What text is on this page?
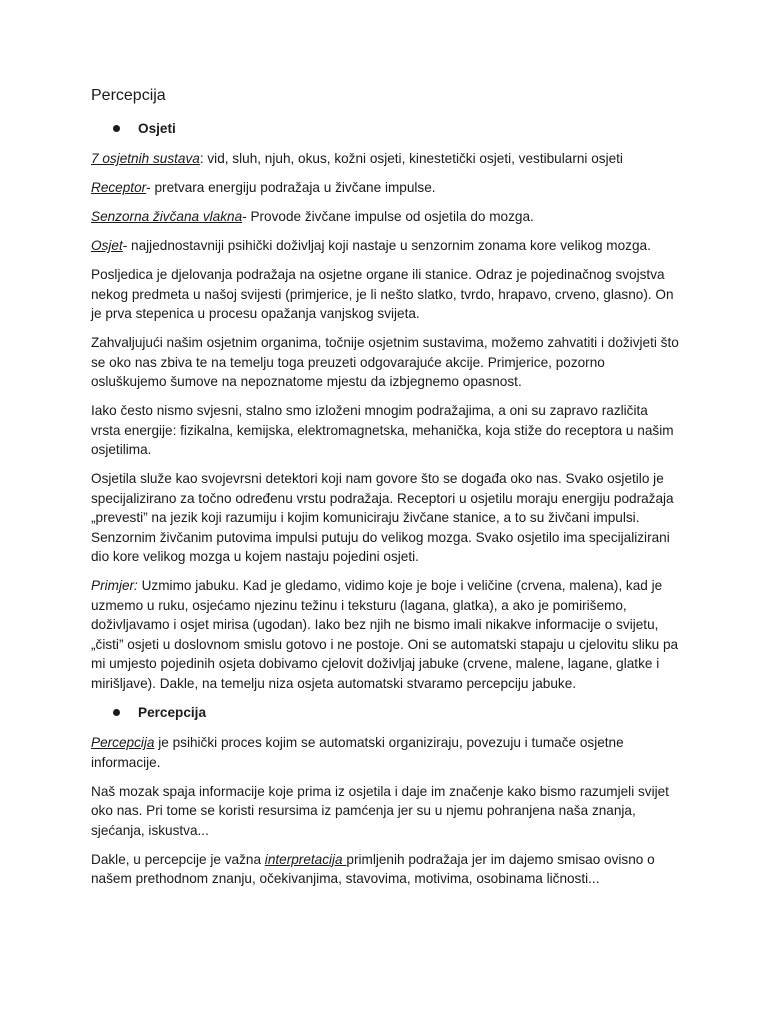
Percepcija
Osjeti

7 osjetnih sustava: vid, sluh, njuh, okus, kožni osjeti, kinestetički osjeti, vestibularni osjeti

Receptor- pretvara energiju podražaja u živčane impulse.

Senzorna živčana vlakna- Provode živčane impulse od osjetila do mozga.

Osjet- najjednostavniji psihički doživljaj koji nastaje u senzornim zonama kore velikog mozga.

Posljedica je djelovanja podražaja na osjetne organe ili stanice. Odraz je pojedinačnog svojstva nekog predmeta u našoj svijesti (primjerice, je li nešto slatko, tvrdo, hrapavo, crveno, glasno). On je prva stepenica u procesu opažanja vanjskog svijeta.

Zahvaljujući našim osjetnim organima, točnije osjetnim sustavima, možemo zahvatiti i doživjeti što se oko nas zbiva te na temelju toga preuzeti odgovarajuće akcije. Primjerice, pozorno osluškujemo šumove na nepoznatome mjestu da izbjegnemo opasnost.

Iako često nismo svjesni, stalno smo izloženi mnogim podražajima, a oni su zapravo različita vrsta energije: fizikalna, kemijska, elektromagnetska, mehanička, koja stiže do receptora u našim osjetilima.

Osjetila služe kao svojevrsni detektori koji nam govore što se događa oko nas. Svako osjetilo je specijalizirano za točno određenu vrstu podražaja. Receptori u osjetilu moraju energiju podražaja „prevesti” na jezik koji razumiju i kojim komuniciraju živčane stanice, a to su živčani impulsi. Senzornim živčanim putovima impulsi putuju do velikog mozga. Svako osjetilo ima specijalizirani dio kore velikog mozga u kojem nastaju pojedini osjeti.

Primjer: Uzmimo jabuku. Kad je gledamo, vidimo koje je boje i veličine (crvena, malena), kad je uzmemo u ruku, osjećamo njezinu težinu i teksturu (lagana, glatka), a ako je pomirišemo, doživljavamo i osjet mirisa (ugodan). Iako bez njih ne bismo imali nikakve informacije o svijetu, „čisti” osjeti u doslovnom smislu gotovo i ne postoje. Oni se automatski stapaju u cjelovitu sliku pa mi umjesto pojedinih osjeta dobivamo cjelovit doživljaj jabuke (crvene, malene, lagane, glatke i mirišljave). Dakle, na temelju niza osjeta automatski stvaramo percepciju jabuke.

Percepcija

Percepcija je psihički proces kojim se automatski organiziraju, povezuju i tumače osjetne informacije.

Naš mozak spaja informacije koje prima iz osjetila i daje im značenje kako bismo razumjeli svijet oko nas. Pri tome se koristi resursima iz pamćenja jer su u njemu pohranjena naša znanja, sjećanja, iskustva...

Dakle, u percepcije je važna interpretacija primljenih podražaja jer im dajemo smisao ovisno o našem prethodnom znanju, očekivanjima, stavovima, motivima, osobinama ličnosti...
